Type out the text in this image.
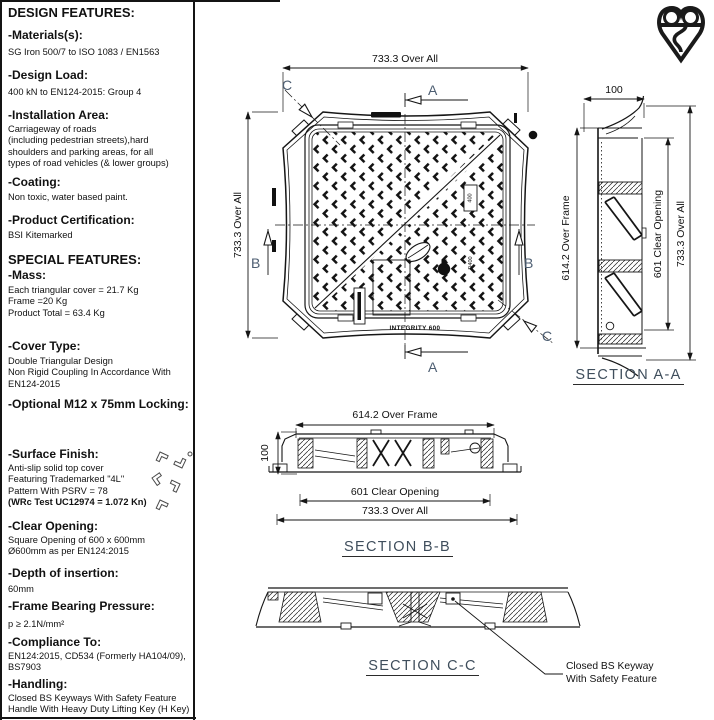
DESIGN FEATURES:
-Materials(s):
SG Iron 500/7 to ISO 1083 / EN1563
-Design Load:
400 kN to EN124-2015: Group 4
-Installation Area:
Carriageway of roads
(including pedestrian streets),hard
shoulders and parking areas, for all
types of road vehicles (& lower groups)
-Coating:
Non toxic, water based paint.
-Product Certification:
BSI Kitemarked
SPECIAL FEATURES:
-Mass:
Each triangular cover = 21.7 Kg
Frame =20 Kg
Product Total = 63.4 Kg
-Cover Type:
Double Triangular Design
Non Rigid Coupling In Accordance With
EN124-2015
-Optional M12 x 75mm Locking:
-Surface Finish:
Anti-slip solid top cover
Featuring Trademarked "4L"
Pattern With PSRV = 78
(WRc Test UC12974 = 1.072 Kn)
-Clear Opening:
Square Opening of 600 x 600mm
Ø600mm as per EN124:2015
-Depth of insertion:
60mm
-Frame Bearing Pressure:
p ≥ 2.1N/mm²
-Compliance To:
EN124:2015, CD534 (Formerly HA104/09),
BS7903
-Handling:
Closed BS Keyways With Safety Feature
Handle With Heavy Duty Lifting Key (H Key)
733.3 Over All
733.3 Over All
A
A
B	B
C
C
INTEGRITY 600
D400
400
100
614.2 Over Frame	601 Clear Opening 733.3 Over All
SECTION A-A
614.2 Over Frame
100
601 Clear Opening
733.3 Over All
SECTION B-B
SECTION C-C	Closed BS Keyway
With Safety Feature
